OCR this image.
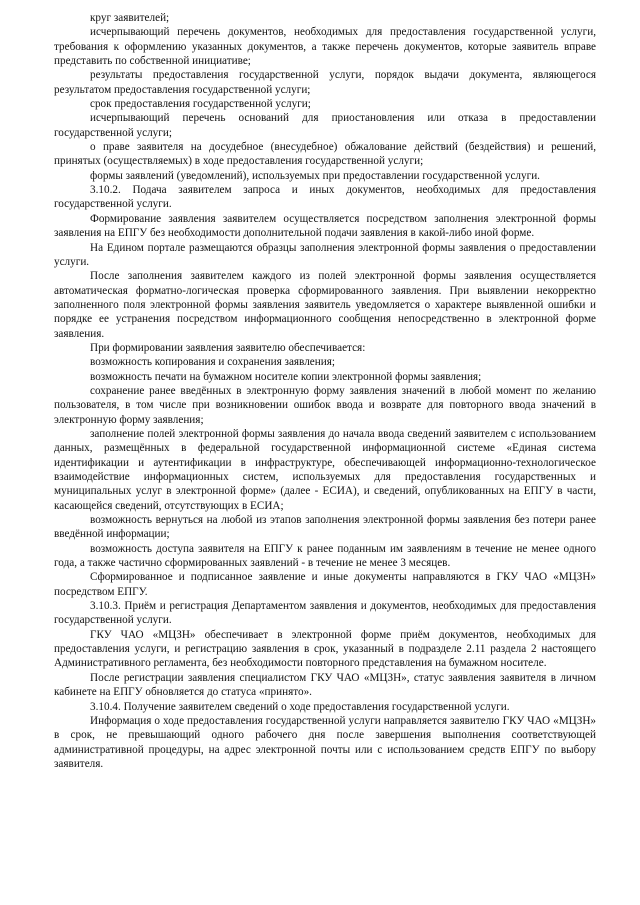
круг заявителей;

исчерпывающий перечень документов, необходимых для предоставления государственной услуги, требования к оформлению указанных документов, а также перечень документов, которые заявитель вправе представить по собственной инициативе;

результаты предоставления государственной услуги, порядок выдачи документа, являющегося результатом предоставления государственной услуги;

срок предоставления государственной услуги;

исчерпывающий перечень оснований для приостановления или отказа в предоставлении государственной услуги;

о праве заявителя на досудебное (внесудебное) обжалование действий (бездействия) и решений, принятых (осуществляемых) в ходе предоставления государственной услуги;

формы заявлений (уведомлений), используемых при предоставлении государственной услуги.

3.10.2. Подача заявителем запроса и иных документов, необходимых для предоставления государственной услуги.

Формирование заявления заявителем осуществляется посредством заполнения электронной формы заявления на ЕПГУ без необходимости дополнительной подачи заявления в какой-либо иной форме.

На Едином портале размещаются образцы заполнения электронной формы заявления о предоставлении услуги.

После заполнения заявителем каждого из полей электронной формы заявления осуществляется автоматическая форматно-логическая проверка сформированного заявления. При выявлении некорректно заполненного поля электронной формы заявления заявитель уведомляется о характере выявленной ошибки и порядке ее устранения посредством информационного сообщения непосредственно в электронной форме заявления.

При формировании заявления заявителю обеспечивается:

возможность копирования и сохранения заявления;

возможность печати на бумажном носителе копии электронной формы заявления;

сохранение ранее введённых в электронную форму заявления значений в любой момент по желанию пользователя, в том числе при возникновении ошибок ввода и возврате для повторного ввода значений в электронную форму заявления;

заполнение полей электронной формы заявления до начала ввода сведений заявителем с использованием данных, размещённых в федеральной государственной информационной системе «Единая система идентификации и аутентификации в инфраструктуре, обеспечивающей информационно-технологическое взаимодействие информационных систем, используемых для предоставления государственных и муниципальных услуг в электронной форме» (далее - ЕСИА), и сведений, опубликованных на ЕПГУ в части, касающейся сведений, отсутствующих в ЕСИА;

возможность вернуться на любой из этапов заполнения электронной формы заявления без потери ранее введённой информации;

возможность доступа заявителя на ЕПГУ к ранее поданным им заявлениям в течение не менее одного года, а также частично сформированных заявлений - в течение не менее 3 месяцев.

Сформированное и подписанное заявление и иные документы направляются в ГКУ ЧАО «МЦЗН» посредством ЕПГУ.

3.10.3. Приём и регистрация Департаментом заявления и документов, необходимых для предоставления государственной услуги.

ГКУ ЧАО «МЦЗН» обеспечивает в электронной форме приём документов, необходимых для предоставления услуги, и регистрацию заявления в срок, указанный в подразделе 2.11 раздела 2 настоящего Административного регламента, без необходимости повторного представления на бумажном носителе.

После регистрации заявления специалистом ГКУ ЧАО «МЦЗН», статус заявления заявителя в личном кабинете на ЕПГУ обновляется до статуса «принято».

3.10.4. Получение заявителем сведений о ходе предоставления государственной услуги.

Информация о ходе предоставления государственной услуги направляется заявителю ГКУ ЧАО «МЦЗН» в срок, не превышающий одного рабочего дня после завершения выполнения соответствующей административной процедуры, на адрес электронной почты или с использованием средств ЕПГУ по выбору заявителя.
